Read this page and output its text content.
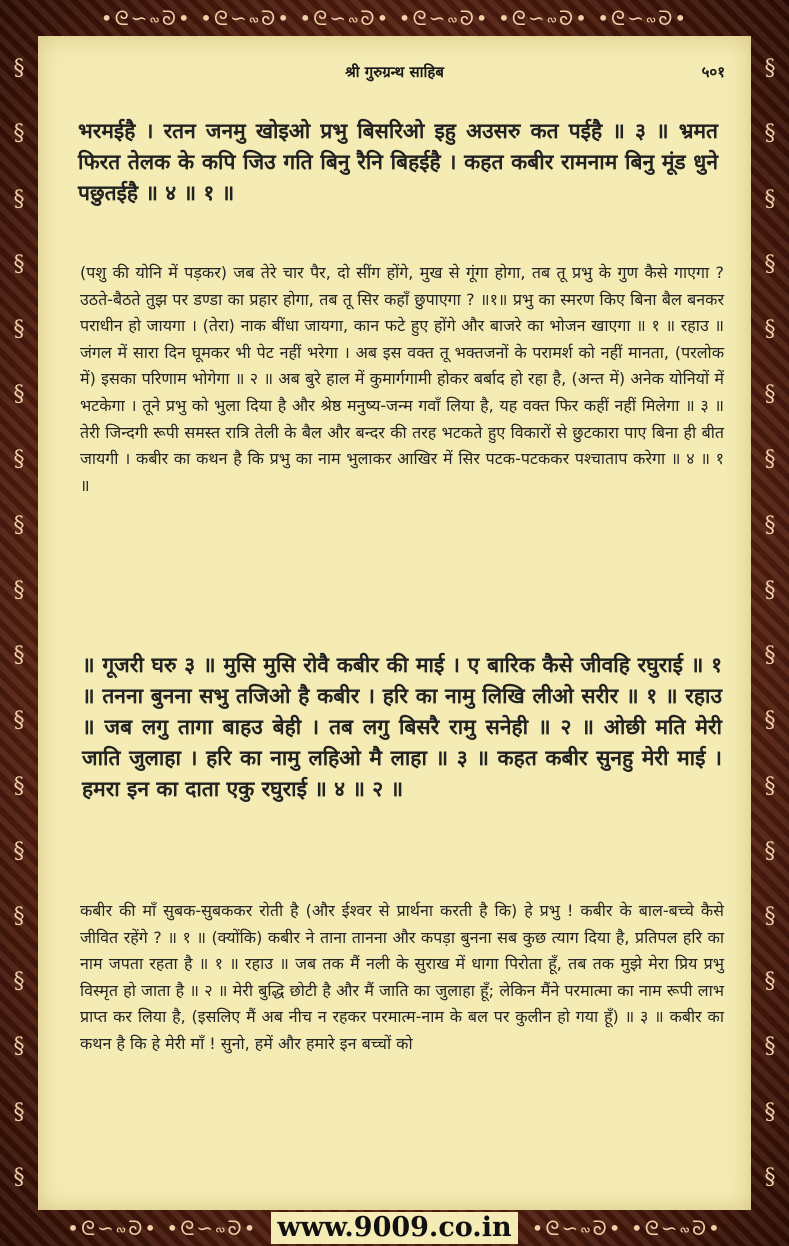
•ᘓ∽∾ᘐ• •ᘓ∽∾ᘐ• •ᘓ∽∾ᘐ• •ᘓ∽∾ᘐ• •ᘓ∽∾ᘐ• •ᘓ∽∾ᘐ•
§
§
§
§
§
§
§
§
§
§
§
§
§
§
§
§
§
§
§
§
§
§
§
§
§
§
§
§
§
§
§
§
§
§
§
§
श्री गुरुग्रन्थ साहिब	५०१
भरमईहै । रतन जनमु खोइओ प्रभु बिसरिओ इहु अउसरु कत पईहै ॥ ३ ॥ भ्रमत फिरत तेलक के कपि जिउ गति बिनु रैनि बिहईहै । कहत कबीर रामनाम बिनु मूंड धुने पछुतईहै ॥ ४ ॥ १ ॥
(पशु की योनि में पड़कर) जब तेरे चार पैर, दो सींग होंगे, मुख से गूंगा होगा, तब तू प्रभु के गुण कैसे गाएगा ? उठते-बैठते तुझ पर डण्डा का प्रहार होगा, तब तू सिर कहाँ छुपाएगा ? ॥१॥ प्रभु का स्मरण किए बिना बैल बनकर पराधीन हो जायगा । (तेरा) नाक बींधा जायगा, कान फटे हुए होंगे और बाजरे का भोजन खाएगा ॥ १ ॥ रहाउ ॥ जंगल में सारा दिन घूमकर भी पेट नहीं भरेगा । अब इस वक्त तू भक्तजनों के परामर्श को नहीं मानता, (परलोक में) इसका परिणाम भोगेगा ॥ २ ॥ अब बुरे हाल में कुमार्गगामी होकर बर्बाद हो रहा है, (अन्त में) अनेक योनियों में भटकेगा । तूने प्रभु को भुला दिया है और श्रेष्ठ मनुष्य-जन्म गवाँ लिया है, यह वक्त फिर कहीं नहीं मिलेगा ॥ ३ ॥ तेरी जिन्दगी रूपी समस्त रात्रि तेली के बैल और बन्दर की तरह भटकते हुए विकारों से छुटकारा पाए बिना ही बीत जायगी । कबीर का कथन है कि प्रभु का नाम भुलाकर आखिर में सिर पटक-पटककर पश्चाताप करेगा ॥ ४ ॥ १ ॥
॥ गूजरी घरु ३ ॥ मुसि मुसि रोवै कबीर की माई । ए बारिक कैसे जीवहि रघुराई ॥ १ ॥ तनना बुनना सभु तजिओ है कबीर । हरि का नामु लिखि लीओ सरीर ॥ १ ॥ रहाउ ॥ जब लगु तागा बाहउ बेही । तब लगु बिसरै रामु सनेही ॥ २ ॥ ओछी मति मेरी जाति जुलाहा । हरि का नामु लहिओ मै लाहा ॥ ३ ॥ कहत कबीर सुनहु मेरी माई । हमरा इन का दाता एकु रघुराई ॥ ४ ॥ २ ॥
कबीर की माँ सुबक-सुबककर रोती है (और ईश्वर से प्रार्थना करती है कि) हे प्रभु ! कबीर के बाल-बच्चे कैसे जीवित रहेंगे ? ॥ १ ॥ (क्योंकि) कबीर ने ताना तानना और कपड़ा बुनना सब कुछ त्याग दिया है, प्रतिपल हरि का नाम जपता रहता है ॥ १ ॥ रहाउ ॥ जब तक मैं नली के सुराख में धागा पिरोता हूँ, तब तक मुझे मेरा प्रिय प्रभु विस्मृत हो जाता है ॥ २ ॥ मेरी बुद्धि छोटी है और मैं जाति का जुलाहा हूँ; लेकिन मैंने परमात्मा का नाम रूपी लाभ प्राप्त कर लिया है, (इसलिए मैं अब नीच न रहकर परमात्म-नाम के बल पर कुलीन हो गया हूँ) ॥ ३ ॥ कबीर का कथन है कि हे मेरी माँ ! सुनो, हमें और हमारे इन बच्चों को
•ᘓ∽∾ᘐ• •ᘓ∽∾ᘐ• www.9009.co.in	•ᘓ∽∾ᘐ• •ᘓ∽∾ᘐ•
